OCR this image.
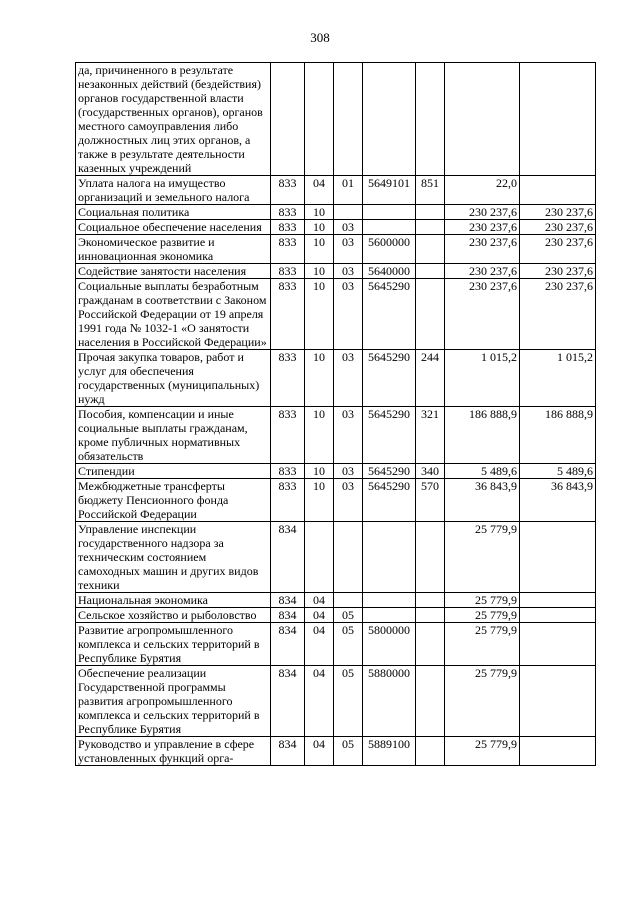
308
да, причиненного в результате незаконных действий (бездействия) органов государственной власти (государственных органов), органов местного самоуправления либо должностных лиц этих органов, а также в результате деятельности казенных учреждений							
Уплата налога на имущество организаций и земельного налога	833	04	01	5649101	851	22,0	
Социальная политика	833	10				230 237,6	230 237,6
Социальное обеспечение населения	833	10	03			230 237,6	230 237,6
Экономическое развитие и инновационная экономика	833	10	03	5600000		230 237,6	230 237,6
Содействие занятости населения	833	10	03	5640000		230 237,6	230 237,6
Социальные выплаты безработным гражданам в соответствии с Законом Российской Федерации от 19 апреля 1991 года № 1032-1 «О занятости населения в Российской Федерации»	833	10	03	5645290		230 237,6	230 237,6
Прочая закупка товаров, работ и услуг для обеспечения государственных (муниципальных) нужд	833	10	03	5645290	244	1 015,2	1 015,2
Пособия, компенсации и иные социальные выплаты гражданам, кроме публичных нормативных обязательств	833	10	03	5645290	321	186 888,9	186 888,9
Стипендии	833	10	03	5645290	340	5 489,6	5 489,6
Межбюджетные трансферты бюджету Пенсионного фонда Российской Федерации	833	10	03	5645290	570	36 843,9	36 843,9
Управление инспекции государственного надзора за техническим состоянием самоходных машин и других видов техники	834					25 779,9	
Национальная экономика	834	04				25 779,9	
Сельское хозяйство и рыболовство	834	04	05			25 779,9	
Развитие агропромышленного комплекса и сельских территорий в Республике Бурятия	834	04	05	5800000		25 779,9	
Обеспечение реализации Государственной программы развития агропромышленного комплекса и сельских территорий в Республике Бурятия	834	04	05	5880000		25 779,9	
Руководство и управление в сфере установленных функций орга-	834	04	05	5889100		25 779,9	
